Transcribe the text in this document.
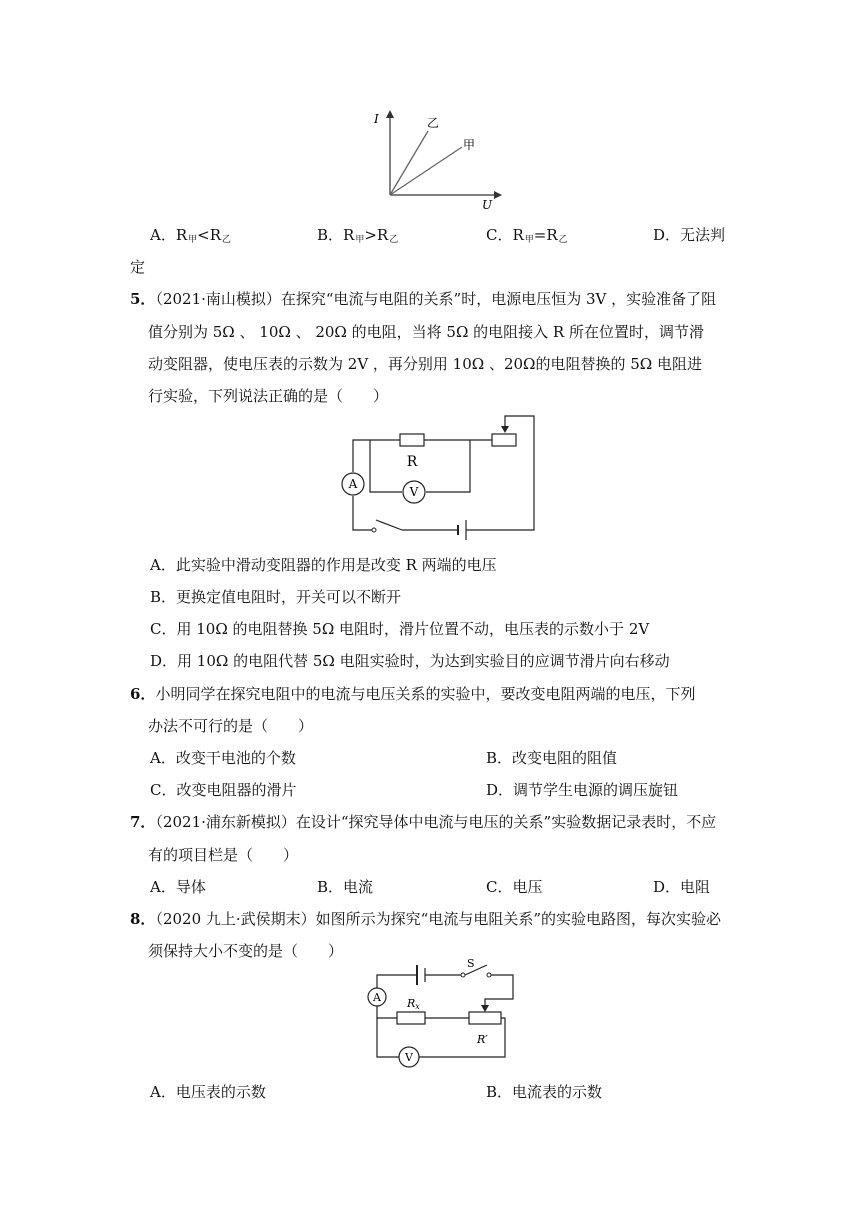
I
U
乙
甲
A．$R_甲<R_乙$	B．$R_甲>R_乙$	C．$R_甲=R_乙$	D．无法判
定
5．（2021·南山模拟）在探究“电流与电阻的关系”时，电源电压恒为 3V ，实验准备了阻
值分别为 5Ω 、 10Ω 、 20Ω 的电阻，当将 5Ω 的电阻接入 R 所在位置时，调节滑
动变阻器，使电压表的示数为 2V ，再分别用 10Ω 、20Ω的电阻替换的 5Ω 电阻进
行实验，下列说法正确的是（　　）
A
V
R
A．此实验中滑动变阻器的作用是改变 R 两端的电压
B．更换定值电阻时，开关可以不断开
C．用 10Ω 的电阻替换 5Ω 电阻时，滑片位置不动，电压表的示数小于 2V
D．用 10Ω 的电阻代替 5Ω 电阻实验时，为达到实验目的应调节滑片向右移动
6．小明同学在探究电阻中的电流与电压关系的实验中，要改变电阻两端的电压，下列
办法不可行的是（　　）
A．改变干电池的个数	B．改变电阻的阻值
C．改变电阻器的滑片	D．调节学生电源的调压旋钮
7．（2021·浦东新模拟）在设计“探究导体中电流与电压的关系”实验数据记录表时，不应
有的项目栏是（　　）
A．导体	B．电流	C．电压	D．电阻
8．（2020 九上·武侯期末）如图所示为探究“电流与电阻关系”的实验电路图，每次实验必
须保持大小不变的是（　　）
A
V
S
Rx
R′
A．电压表的示数	B．电流表的示数
